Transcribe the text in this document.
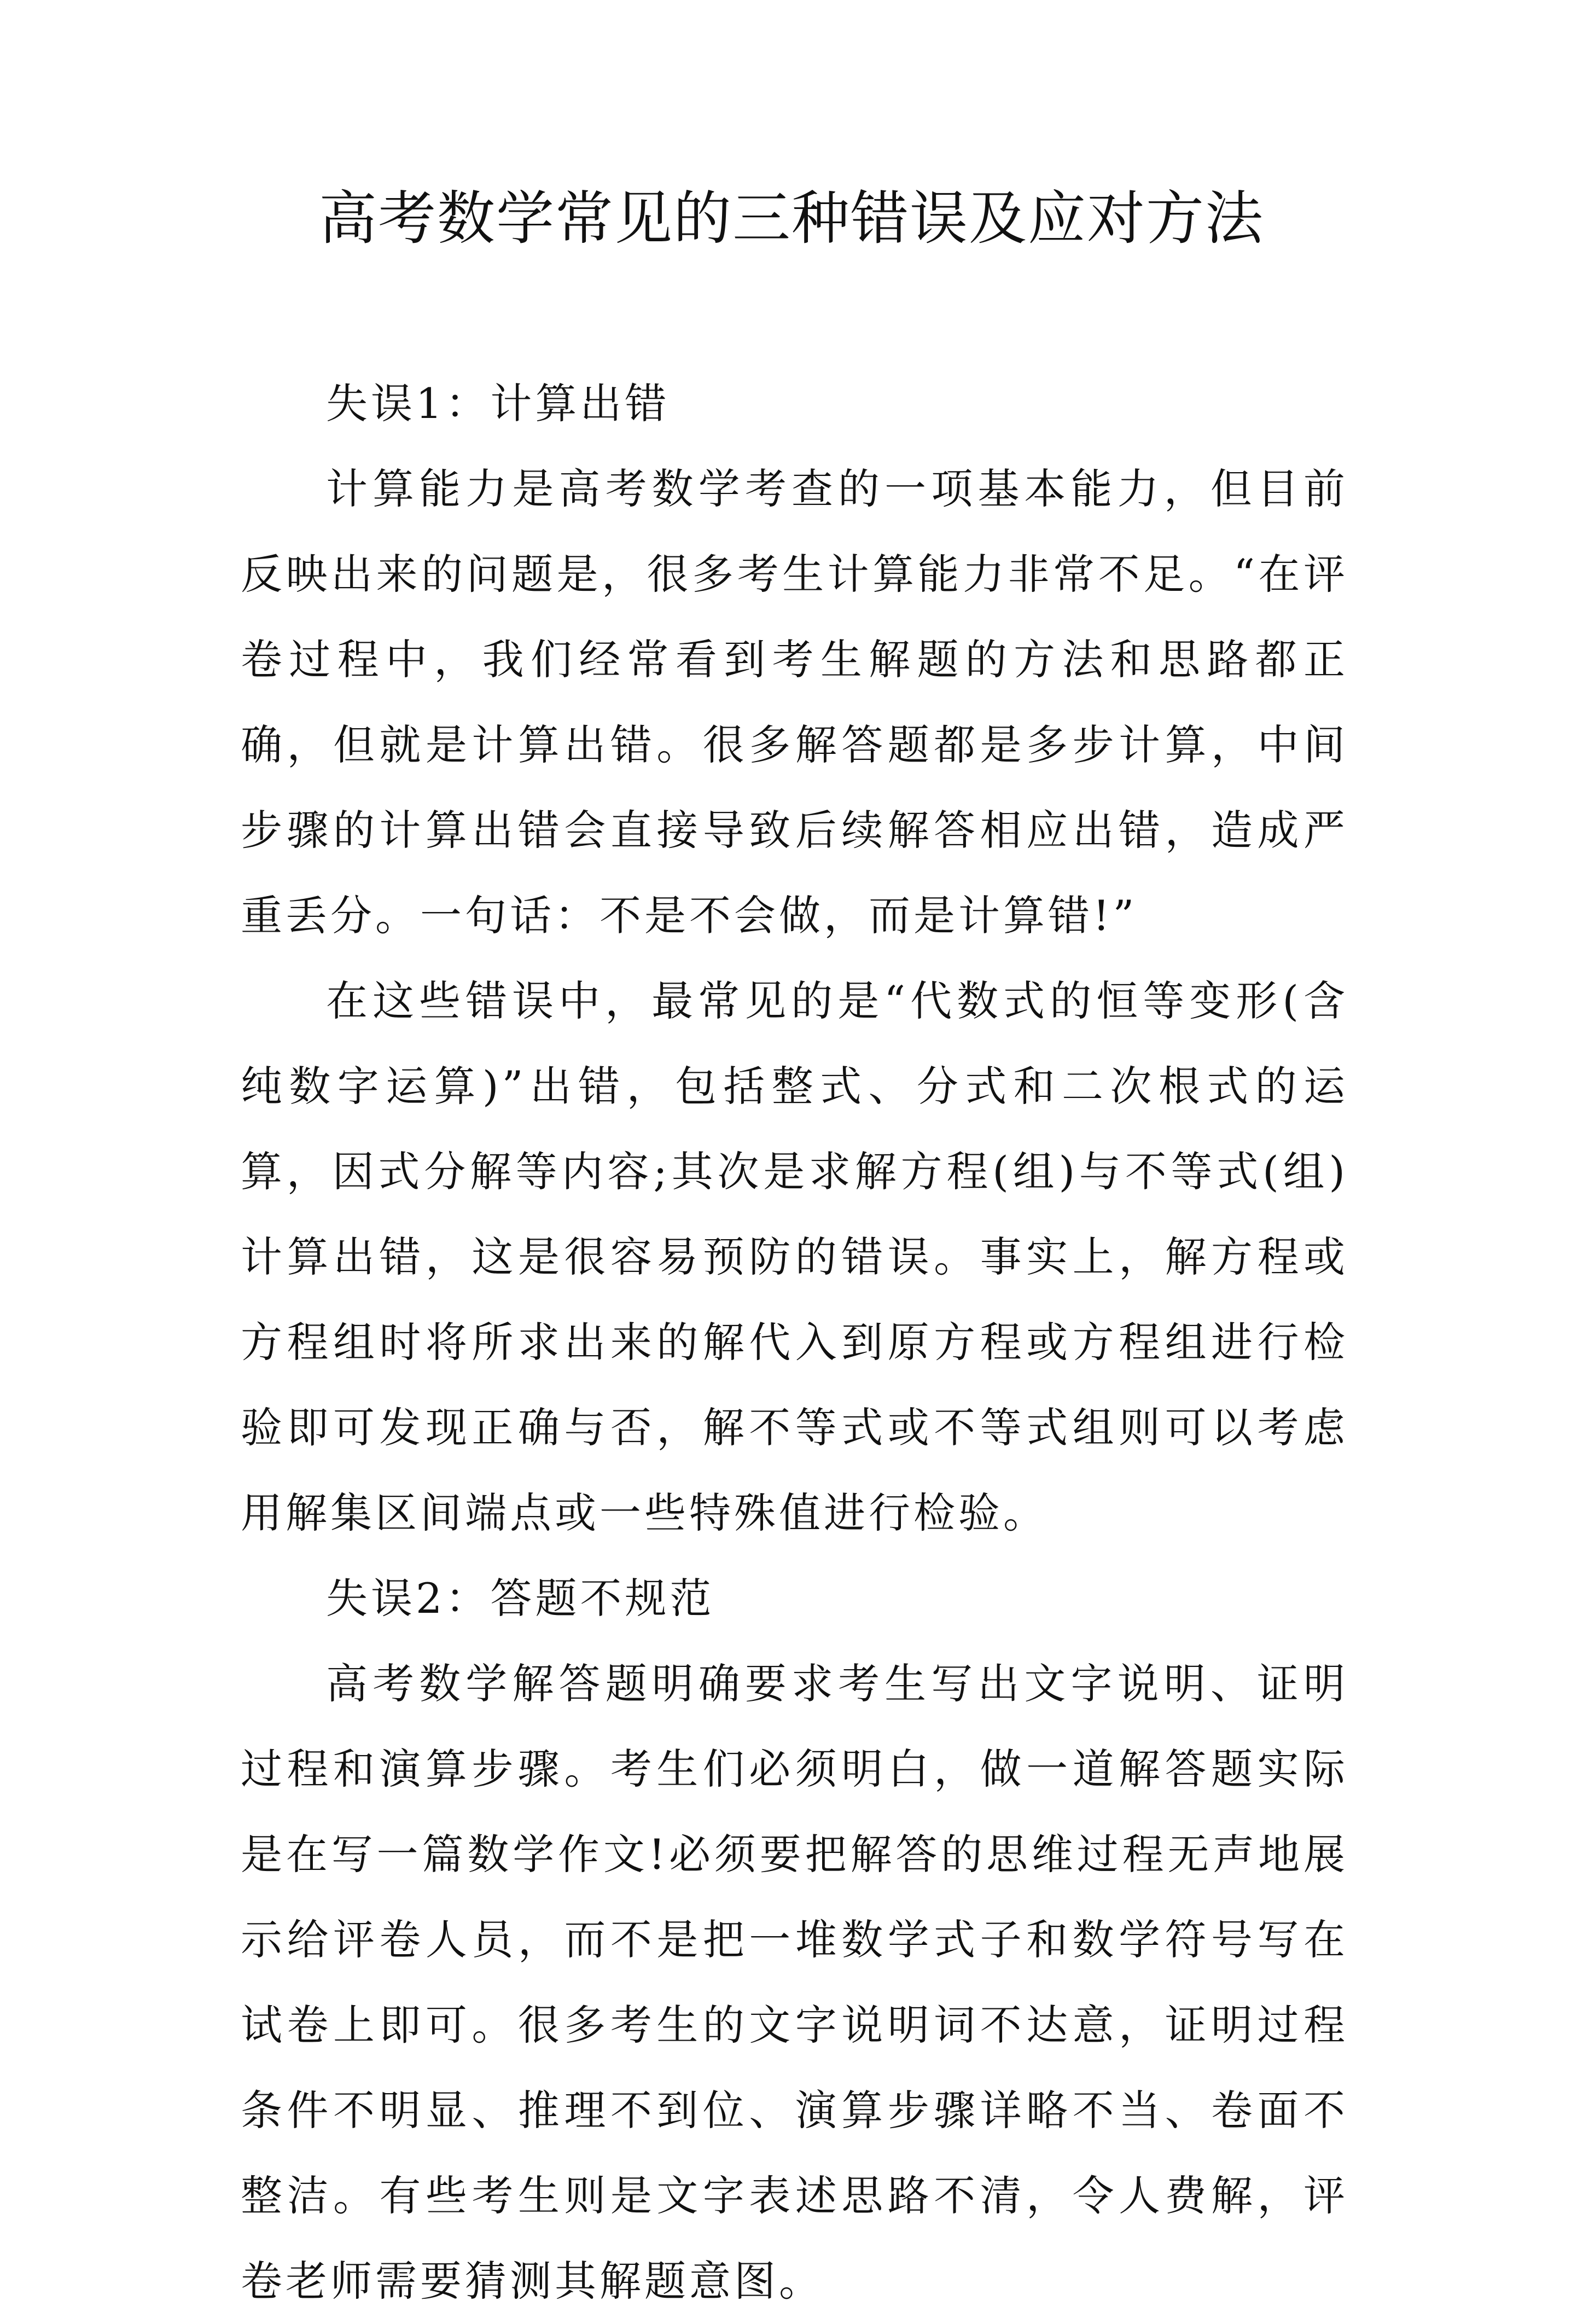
高考数学常见的三种错误及应对方法

失误1：计算出错

计算能力是高考数学考查的一项基本能力，但目前反映出来的问题是，很多考生计算能力非常不足。“在评卷过程中，我们经常看到考生解题的方法和思路都正确，但就是计算出错。很多解答题都是多步计算，中间步骤的计算出错会直接导致后续解答相应出错，造成严重丢分。一句话：不是不会做，而是计算错!”

在这些错误中，最常见的是“代数式的恒等变形(含纯数字运算)”出错，包括整式、分式和二次根式的运算，因式分解等内容;其次是求解方程(组)与不等式(组)计算出错，这是很容易预防的错误。事实上，解方程或方程组时将所求出来的解代入到原方程或方程组进行检验即可发现正确与否，解不等式或不等式组则可以考虑用解集区间端点或一些特殊值进行检验。

失误2：答题不规范

高考数学解答题明确要求考生写出文字说明、证明过程和演算步骤。考生们必须明白，做一道解答题实际是在写一篇数学作文!必须要把解答的思维过程无声地展示给评卷人员，而不是把一堆数学式子和数学符号写在试卷上即可。很多考生的文字说明词不达意，证明过程条件不明显、推理不到位、演算步骤详略不当、卷面不整洁。有些考生则是文字表述思路不清，令人费解，评卷老师需要猜测其解题意图。
